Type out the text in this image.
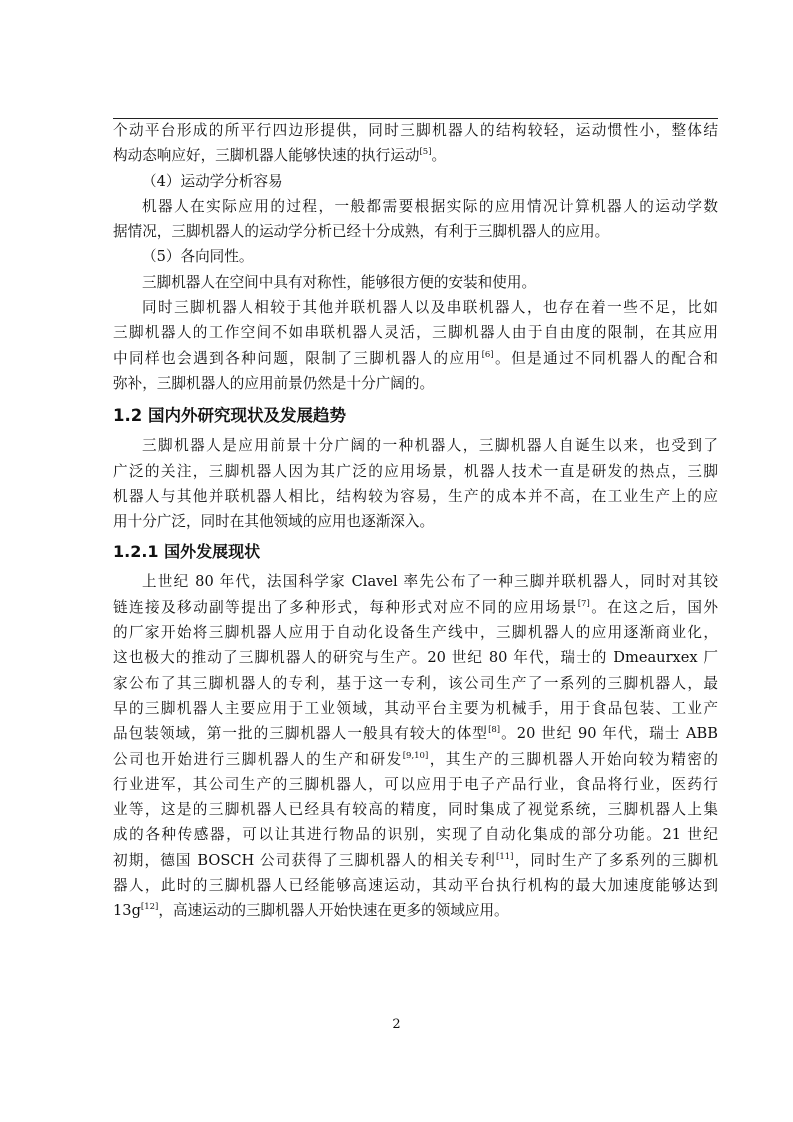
个动平台形成的所平行四边形提供，同时三脚机器人的结构较轻，运动惯性小，整体结
构动态响应好，三脚机器人能够快速的执行运动[5]。
（4）运动学分析容易
机器人在实际应用的过程，一般都需要根据实际的应用情况计算机器人的运动学数
据情况，三脚机器人的运动学分析已经十分成熟，有利于三脚机器人的应用。
（5）各向同性。
三脚机器人在空间中具有对称性，能够很方便的安装和使用。
同时三脚机器人相较于其他并联机器人以及串联机器人，也存在着一些不足，比如
三脚机器人的工作空间不如串联机器人灵活，三脚机器人由于自由度的限制，在其应用
中同样也会遇到各种问题，限制了三脚机器人的应用[6]。但是通过不同机器人的配合和
弥补，三脚机器人的应用前景仍然是十分广阔的。
1.2 国内外研究现状及发展趋势
三脚机器人是应用前景十分广阔的一种机器人，三脚机器人自诞生以来，也受到了
广泛的关注，三脚机器人因为其广泛的应用场景，机器人技术一直是研发的热点，三脚
机器人与其他并联机器人相比，结构较为容易，生产的成本并不高，在工业生产上的应
用十分广泛，同时在其他领域的应用也逐渐深入。
1.2.1 国外发展现状
上世纪 80 年代，法国科学家 Clavel 率先公布了一种三脚并联机器人，同时对其铰
链连接及移动副等提出了多种形式，每种形式对应不同的应用场景[7]。在这之后，国外
的厂家开始将三脚机器人应用于自动化设备生产线中，三脚机器人的应用逐渐商业化，
这也极大的推动了三脚机器人的研究与生产。20 世纪 80 年代，瑞士的 Dmeaurxex 厂
家公布了其三脚机器人的专利，基于这一专利，该公司生产了一系列的三脚机器人，最
早的三脚机器人主要应用于工业领域，其动平台主要为机械手，用于食品包装、工业产
品包装领域，第一批的三脚机器人一般具有较大的体型[8]。20 世纪 90 年代，瑞士 ABB
公司也开始进行三脚机器人的生产和研发[9,10]，其生产的三脚机器人开始向较为精密的
行业进军，其公司生产的三脚机器人，可以应用于电子产品行业，食品将行业，医药行
业等，这是的三脚机器人已经具有较高的精度，同时集成了视觉系统，三脚机器人上集
成的各种传感器，可以让其进行物品的识别，实现了自动化集成的部分功能。21 世纪
初期，德国 BOSCH 公司获得了三脚机器人的相关专利[11]，同时生产了多系列的三脚机
器人，此时的三脚机器人已经能够高速运动，其动平台执行机构的最大加速度能够达到
13g[12]，高速运动的三脚机器人开始快速在更多的领域应用。
2
